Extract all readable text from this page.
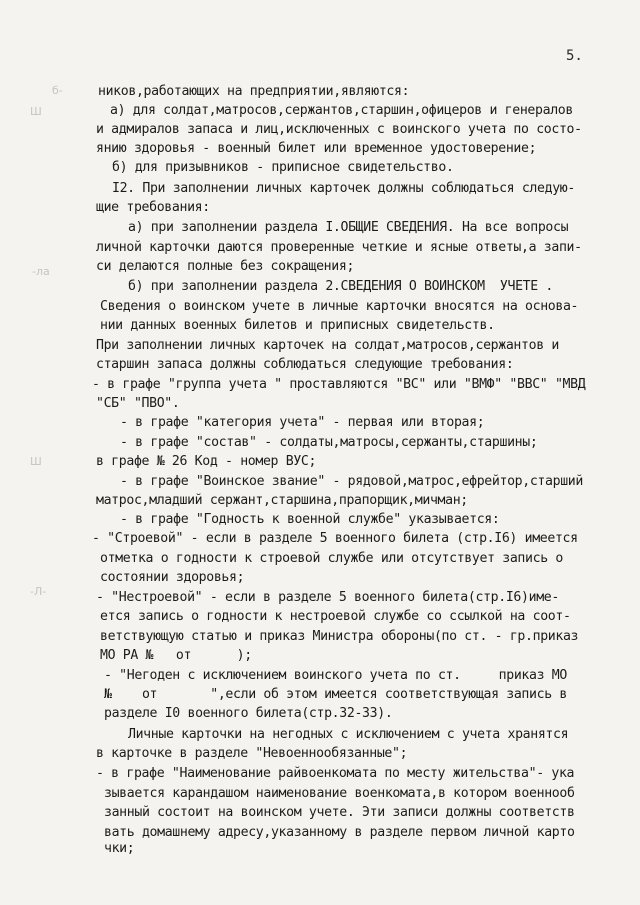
5.
ников,работающих на предприятии,являются:
а) для солдат,матросов,сержантов,старшин,офицеров и генералов
и адмиралов запаса и лиц,исключенных с воинского учета по состо-
янию здоровья - военный билет или временное удостоверение;
б) для призывников - приписное свидетельство.
I2. При заполнении личных карточек должны соблюдаться следую-
щие требования:
а) при заполнении раздела I.ОБЩИЕ СВЕДЕНИЯ. На все вопросы
личной карточки даются проверенные четкие и ясные ответы,а запи-
си делаются полные без сокращения;
б) при заполнении раздела 2.СВЕДЕНИЯ О ВОИНСКОМ  УЧЕТЕ .
Сведения о воинском учете в личные карточки вносятся на основа-
нии данных военных билетов и приписных свидетельств.
При заполнении личных карточек на солдат,матросов,сержантов и
старшин запаса должны соблюдаться следующие требования:
- в графе "группа учета " проставляются "ВС" или "ВМФ" "ВВС" "МВД
"СБ" "ПВО".
- в графе "категория учета" - первая или вторая;
- в графе "состав" - солдаты,матросы,сержанты,старшины;
в графе № 26 Код - номер ВУС;
- в графе "Воинское звание" - рядовой,матрос,ефрейтор,старший
матрос,младший сержант,старшина,прапорщик,мичман;
- в графе "Годность к военной службе" указывается:
- "Строевой" - если в разделе 5 военного билета (стр.I6) имеется
отметка о годности к строевой службе или отсутствует запись о
состоянии здоровья;
- "Нестроевой" - если в разделе 5 военного билета(стр.I6)име-
ется запись о годности к нестроевой службе со ссылкой на соот-
ветствующую статью и приказ Министра обороны(по ст. - гр.приказ
МО РА №   от      );
- "Негоден с исключением воинского учета по ст.     приказ МО
№    от       ",если об этом имеется соответствующая запись в
разделе I0 военного билета(стр.32-33).
Личные карточки на негодных с исключением с учета хранятся
в карточке в разделе "Невоеннообязанные";
- в графе "Наименование райвоенкомата по месту жительства"- ука
зывается карандашом наименование военкомата,в котором военнооб
занный состоит на воинском учете. Эти записи должны соответств
вать домашнему адресу,указанному в разделе первом личной карто
чки;
б-
Ш
-ла
Ш
-Л-
